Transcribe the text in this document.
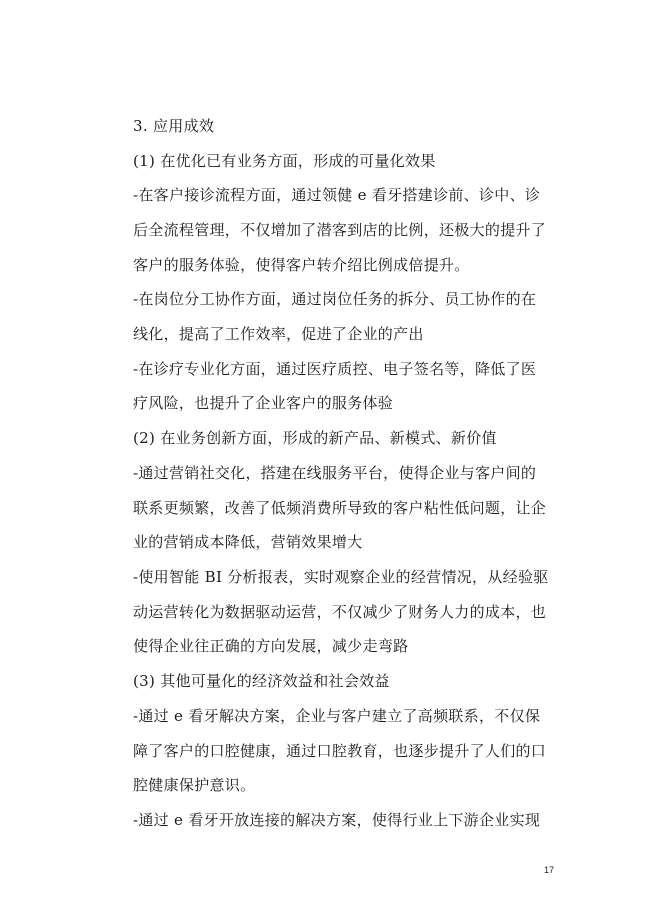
3. 应用成效
(1) 在优化已有业务方面，形成的可量化效果
-在客户接诊流程方面，通过领健 e 看牙搭建诊前、诊中、诊
后全流程管理，不仅增加了潜客到店的比例，还极大的提升了
客户的服务体验，使得客户转介绍比例成倍提升。
-在岗位分工协作方面，通过岗位任务的拆分、员工协作的在
线化，提高了工作效率，促进了企业的产出
-在诊疗专业化方面，通过医疗质控、电子签名等，降低了医
疗风险，也提升了企业客户的服务体验
(2) 在业务创新方面，形成的新产品、新模式、新价值
-通过营销社交化，搭建在线服务平台，使得企业与客户间的
联系更频繁，改善了低频消费所导致的客户粘性低问题，让企
业的营销成本降低，营销效果增大
-使用智能 BI 分析报表，实时观察企业的经营情况，从经验驱
动运营转化为数据驱动运营，不仅减少了财务人力的成本，也
使得企业往正确的方向发展，减少走弯路
(3) 其他可量化的经济效益和社会效益
-通过 e 看牙解决方案，企业与客户建立了高频联系，不仅保
障了客户的口腔健康，通过口腔教育，也逐步提升了人们的口
腔健康保护意识。
-通过 e 看牙开放连接的解决方案，使得行业上下游企业实现
17
